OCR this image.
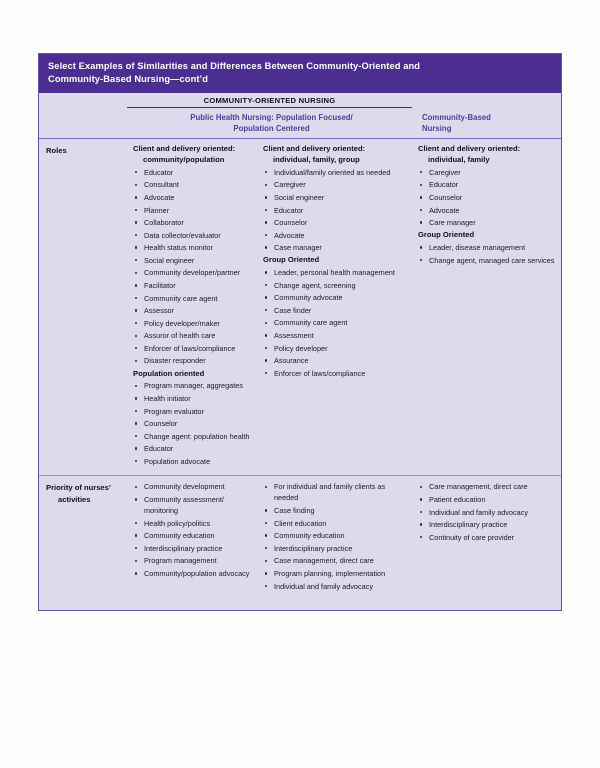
Select Examples of Similarities and Differences Between Community-Oriented and
Community-Based Nursing—cont’d
COMMUNITY-ORIENTED NURSING
Public Health Nursing: Population Focused/
Population Centered
Community-Based
Nursing
Roles	Client and delivery oriented:
community/population
Educator
Consultant
Advocate
Planner
Collaborator
Data collector/evaluator
Health status monitor
Social engineer
Community developer/partner
Facilitator
Community care agent
Assessor
Policy developer/maker
Assuror of health care
Enforcer of laws/compliance
Disaster responder
Population oriented
Program manager, aggregates
Health initiator
Program evaluator
Counselor
Change agent: population health
Educator
Population advocate
Client and delivery oriented:
individual, family, group
Individual/family oriented as needed
Caregiver
Social engineer
Educator
Counselor
Advocate
Case manager
Group Oriented
Leader, personal health management
Change agent, screening
Community advocate
Case finder
Community care agent
Assessment
Policy developer
Assurance
Enforcer of laws/compliance
Client and delivery oriented:
individual, family
Caregiver
Educator
Counselor
Advocate
Care manager
Group Oriented
Leader, disease management
Change agent, managed care services
Priority of nurses’
activities
Community development
Community assessment/ monitoring
Health policy/politics
Community education
Interdisciplinary practice
Program management
Community/population advocacy
For individual and family clients as needed
Case finding
Client education
Community education
Interdisciplinary practice
Case management, direct care
Program planning, implementation
Individual and family advocacy
Care management, direct care
Patient education
Individual and family advocacy
Interdisciplinary practice
Continuity of care provider
